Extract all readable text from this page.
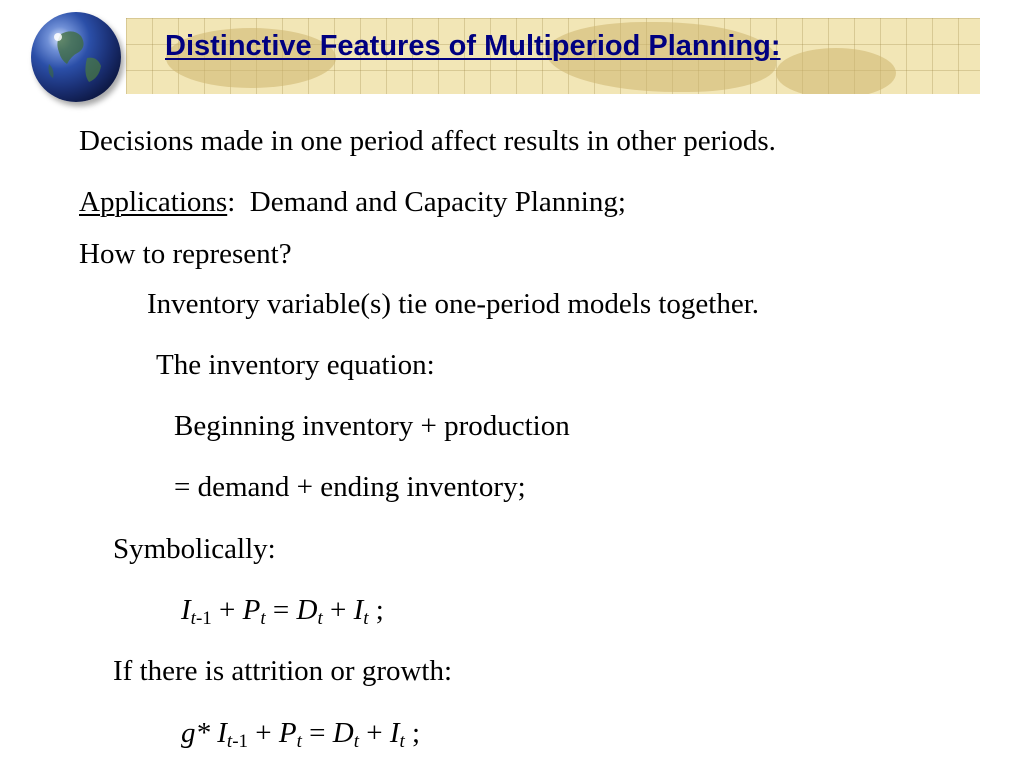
Distinctive Features of Multiperiod Planning:
Decisions made in one period affect results in other periods.
Applications: Demand and Capacity Planning;
How to represent?
Inventory variable(s) tie one-period models together.
The inventory equation:
Beginning inventory + production
= demand + ending inventory;
Symbolically:
$I_{t-1} + P_t = D_t + I_t$ ;
If there is attrition or growth:
g* $I_{t-1} + P_t = D_t + I_t$ ;
